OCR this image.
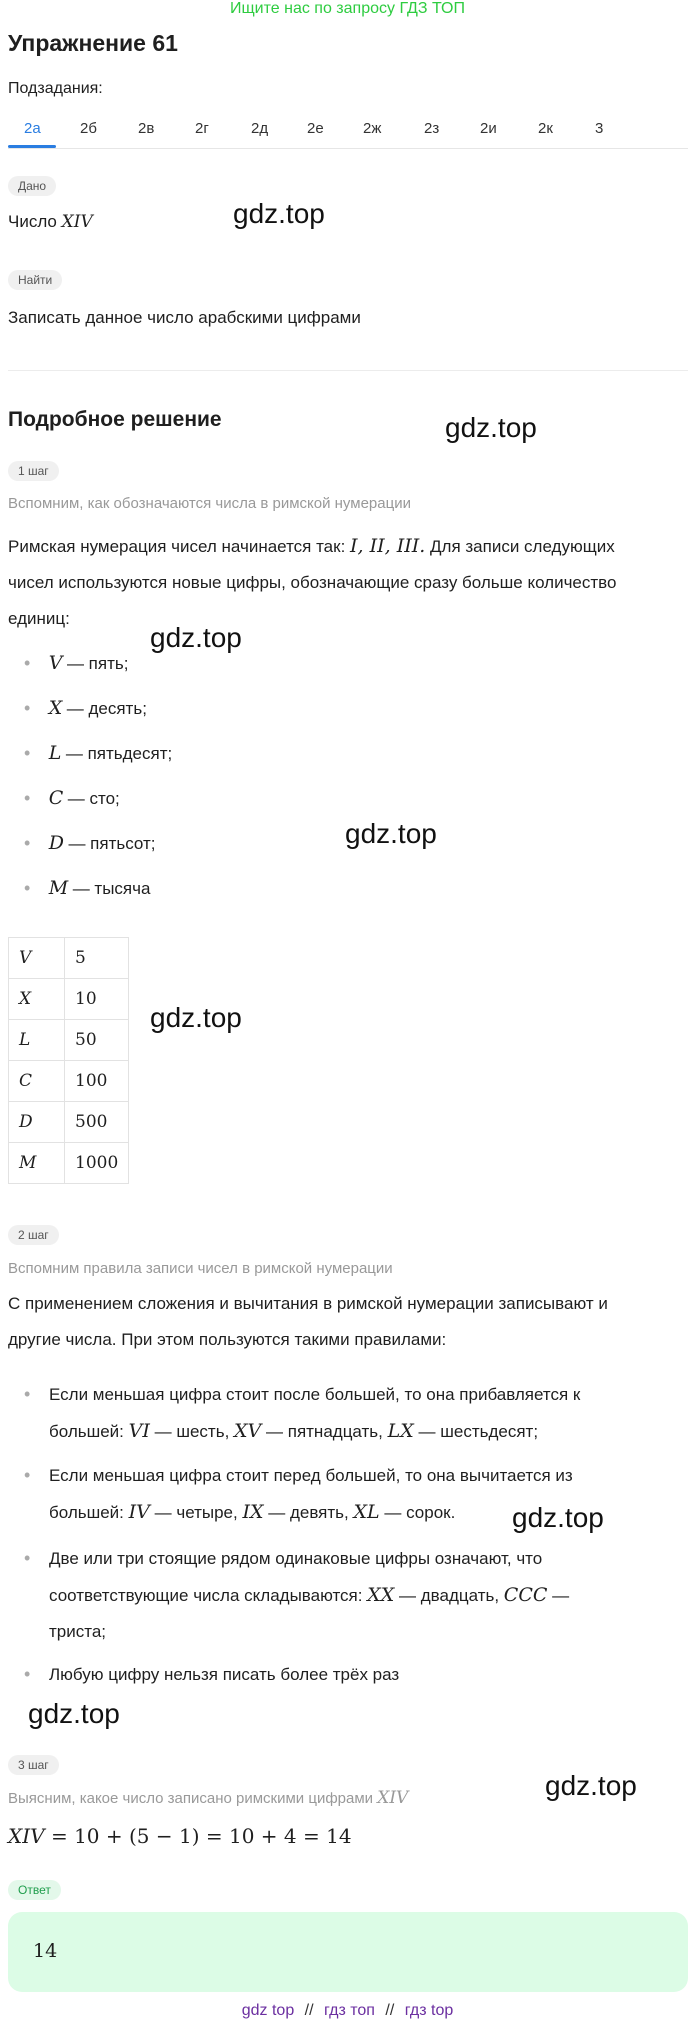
Ищите нас по запросу ГДЗ ТОП
Упражнение 61
Подзадания:
2а	2б	2в	2г	2д	2е	2ж	2з	2и	2к	3
Дано
Число XIV	gdz.top
Найти
Записать данное число арабскими цифрами
Подробное решение	gdz.top
1 шаг
Вспомним, как обозначаются числа в римской нумерации
Римская нумерация чисел начинается так: I, II, III. Для записи следующих
чисел используются новые цифры, обозначающие сразу больше количество
единиц:
gdz.top
• V — пять;
• X — десять;
• L — пятьдесят;
• C — сто;
• D — пятьсот;
• M — тысяча
gdz.top
V	5
X	10
L	50
C	100
D	500
M	1000
gdz.top
2 шаг
Вспомним правила записи чисел в римской нумерации
С применением сложения и вычитания в римской нумерации записывают и
другие числа. При этом пользуются такими правилами:
• Если меньшая цифра стоит после большей, то она прибавляется к
большей: VI — шесть, XV — пятнадцать, LX — шестьдесят;
• Если меньшая цифра стоит перед большей, то она вычитается из
большей: IV — четыре, IX — девять, XL — сорок.	gdz.top
• Две или три стоящие рядом одинаковые цифры означают, что
соответствующие числа складываются: XX — двадцать, CCC —
триста;
• Любую цифру нельзя писать более трёх раз
gdz.top
3 шаг
Выясним, какое число записано римскими цифрами XIV	gdz.top
XIV = 10 + (5 − 1) = 10 + 4 = 14
Ответ
14
gdz top // гдз топ // гдз top
